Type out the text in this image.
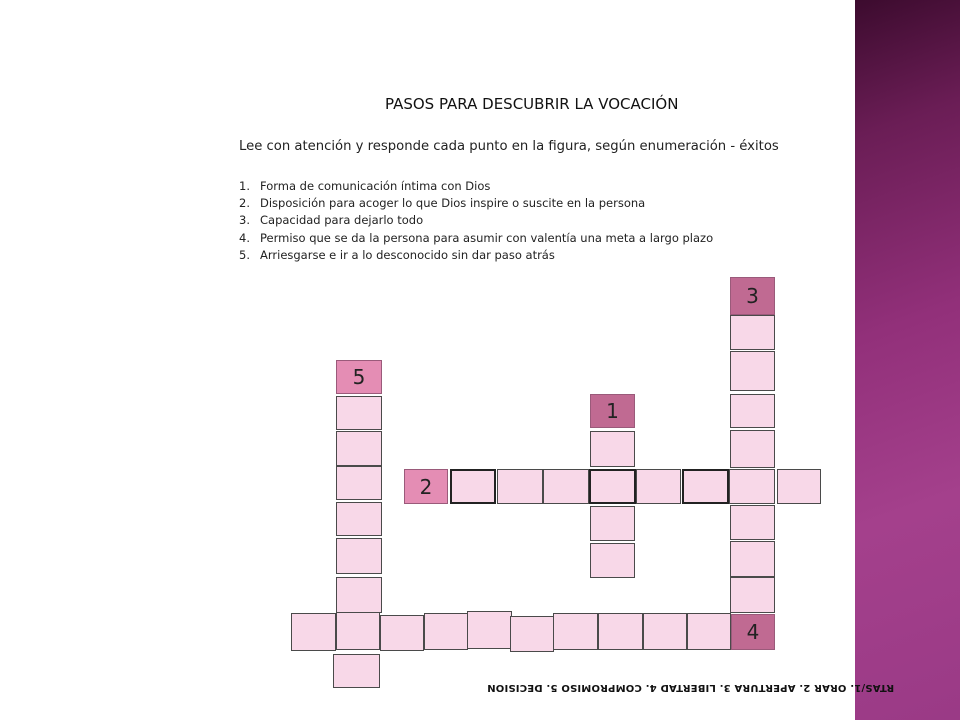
PASOS PARA DESCUBRIR LA VOCACIÓN
Lee con atención y responde cada punto en la figura, según enumeración - éxitos
1. Forma de comunicación íntima con Dios
2. Disposición para acoger lo que Dios inspire o suscite en la persona
3. Capacidad para dejarlo todo
4. Permiso que se da la persona para asumir con valentía una meta a largo plazo
5. Arriesgarse e ir a lo desconocido sin dar paso atrás
3
5
1
2
4
RTAS/1. ORAR 2. APERTURA 3. LIBERTAD 4. COMPROMISO 5. DECISION
